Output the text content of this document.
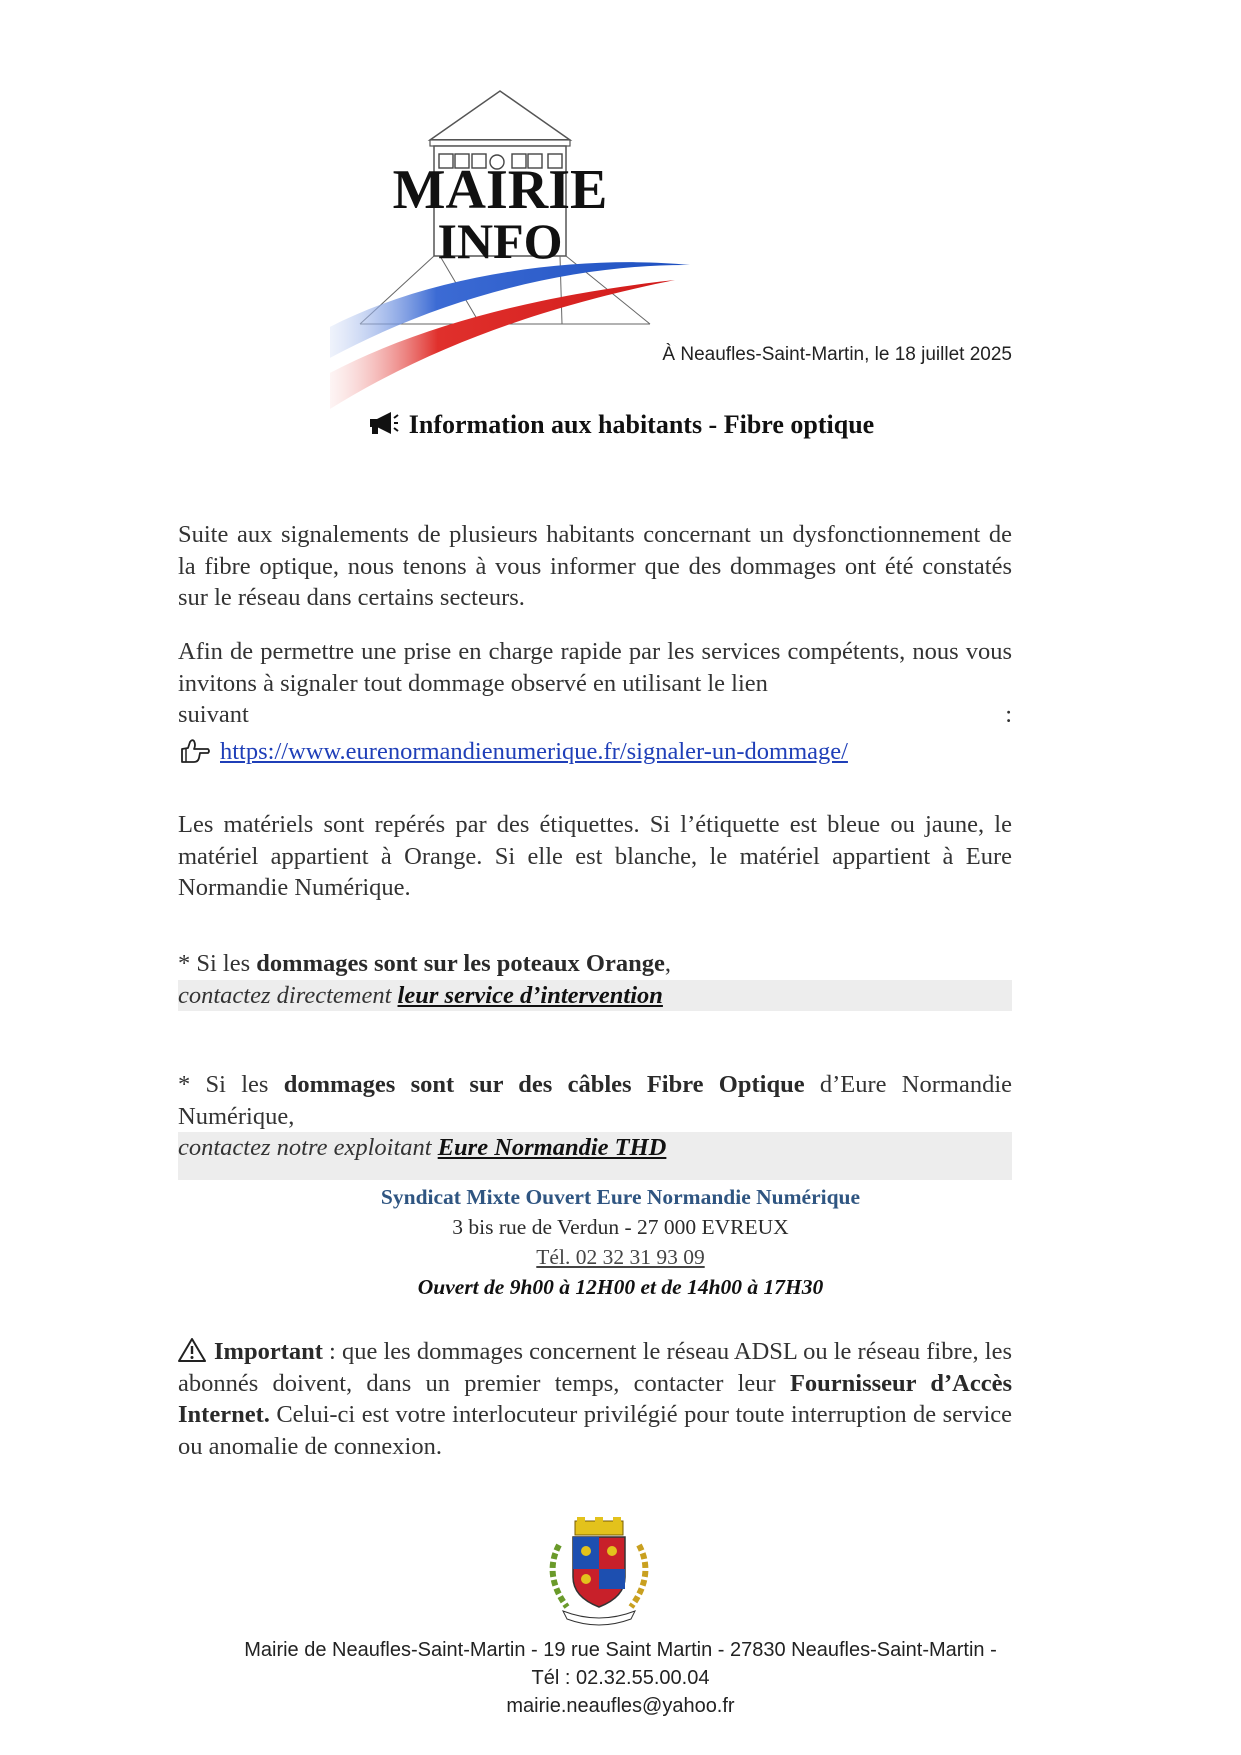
MAIRIE
INFO
À Neaufles-Saint-Martin, le 18 juillet 2025
Information aux habitants - Fibre optique
Suite aux signalements de plusieurs habitants concernant un dysfonctionnement de la fibre optique, nous tenons à vous informer que des dommages ont été constatés sur le réseau dans certains secteurs.
Afin de permettre une prise en charge rapide par les services compétents, nous vous invitons à signaler tout dommage observé en utilisant le lien
suivant	:
https://www.eurenormandienumerique.fr/signaler-un-dommage/
Les matériels sont repérés par des étiquettes. Si l’étiquette est bleue ou jaune, le matériel appartient à Orange. Si elle est blanche, le matériel appartient à Eure Normandie Numérique.
* Si les dommages sont sur les poteaux Orange,
contactez directement leur service d’intervention
* Si les dommages sont sur des câbles Fibre Optique d’Eure Normandie Numérique,
contactez notre exploitant Eure Normandie THD
Syndicat Mixte Ouvert Eure Normandie Numérique
3 bis rue de Verdun - 27 000 EVREUX
Tél. 02 32 31 93 09
Ouvert de 9h00 à 12H00 et de 14h00 à 17H30
Important : que les dommages concernent le réseau ADSL ou le réseau fibre, les abonnés doivent, dans un premier temps, contacter leur Fournisseur d’Accès Internet. Celui-ci est votre interlocuteur privilégié pour toute interruption de service ou anomalie de connexion.
Mairie de Neaufles-Saint-Martin - 19 rue Saint Martin - 27830 Neaufles-Saint-Martin -
Tél : 02.32.55.00.04
mairie.neaufles@yahoo.fr
